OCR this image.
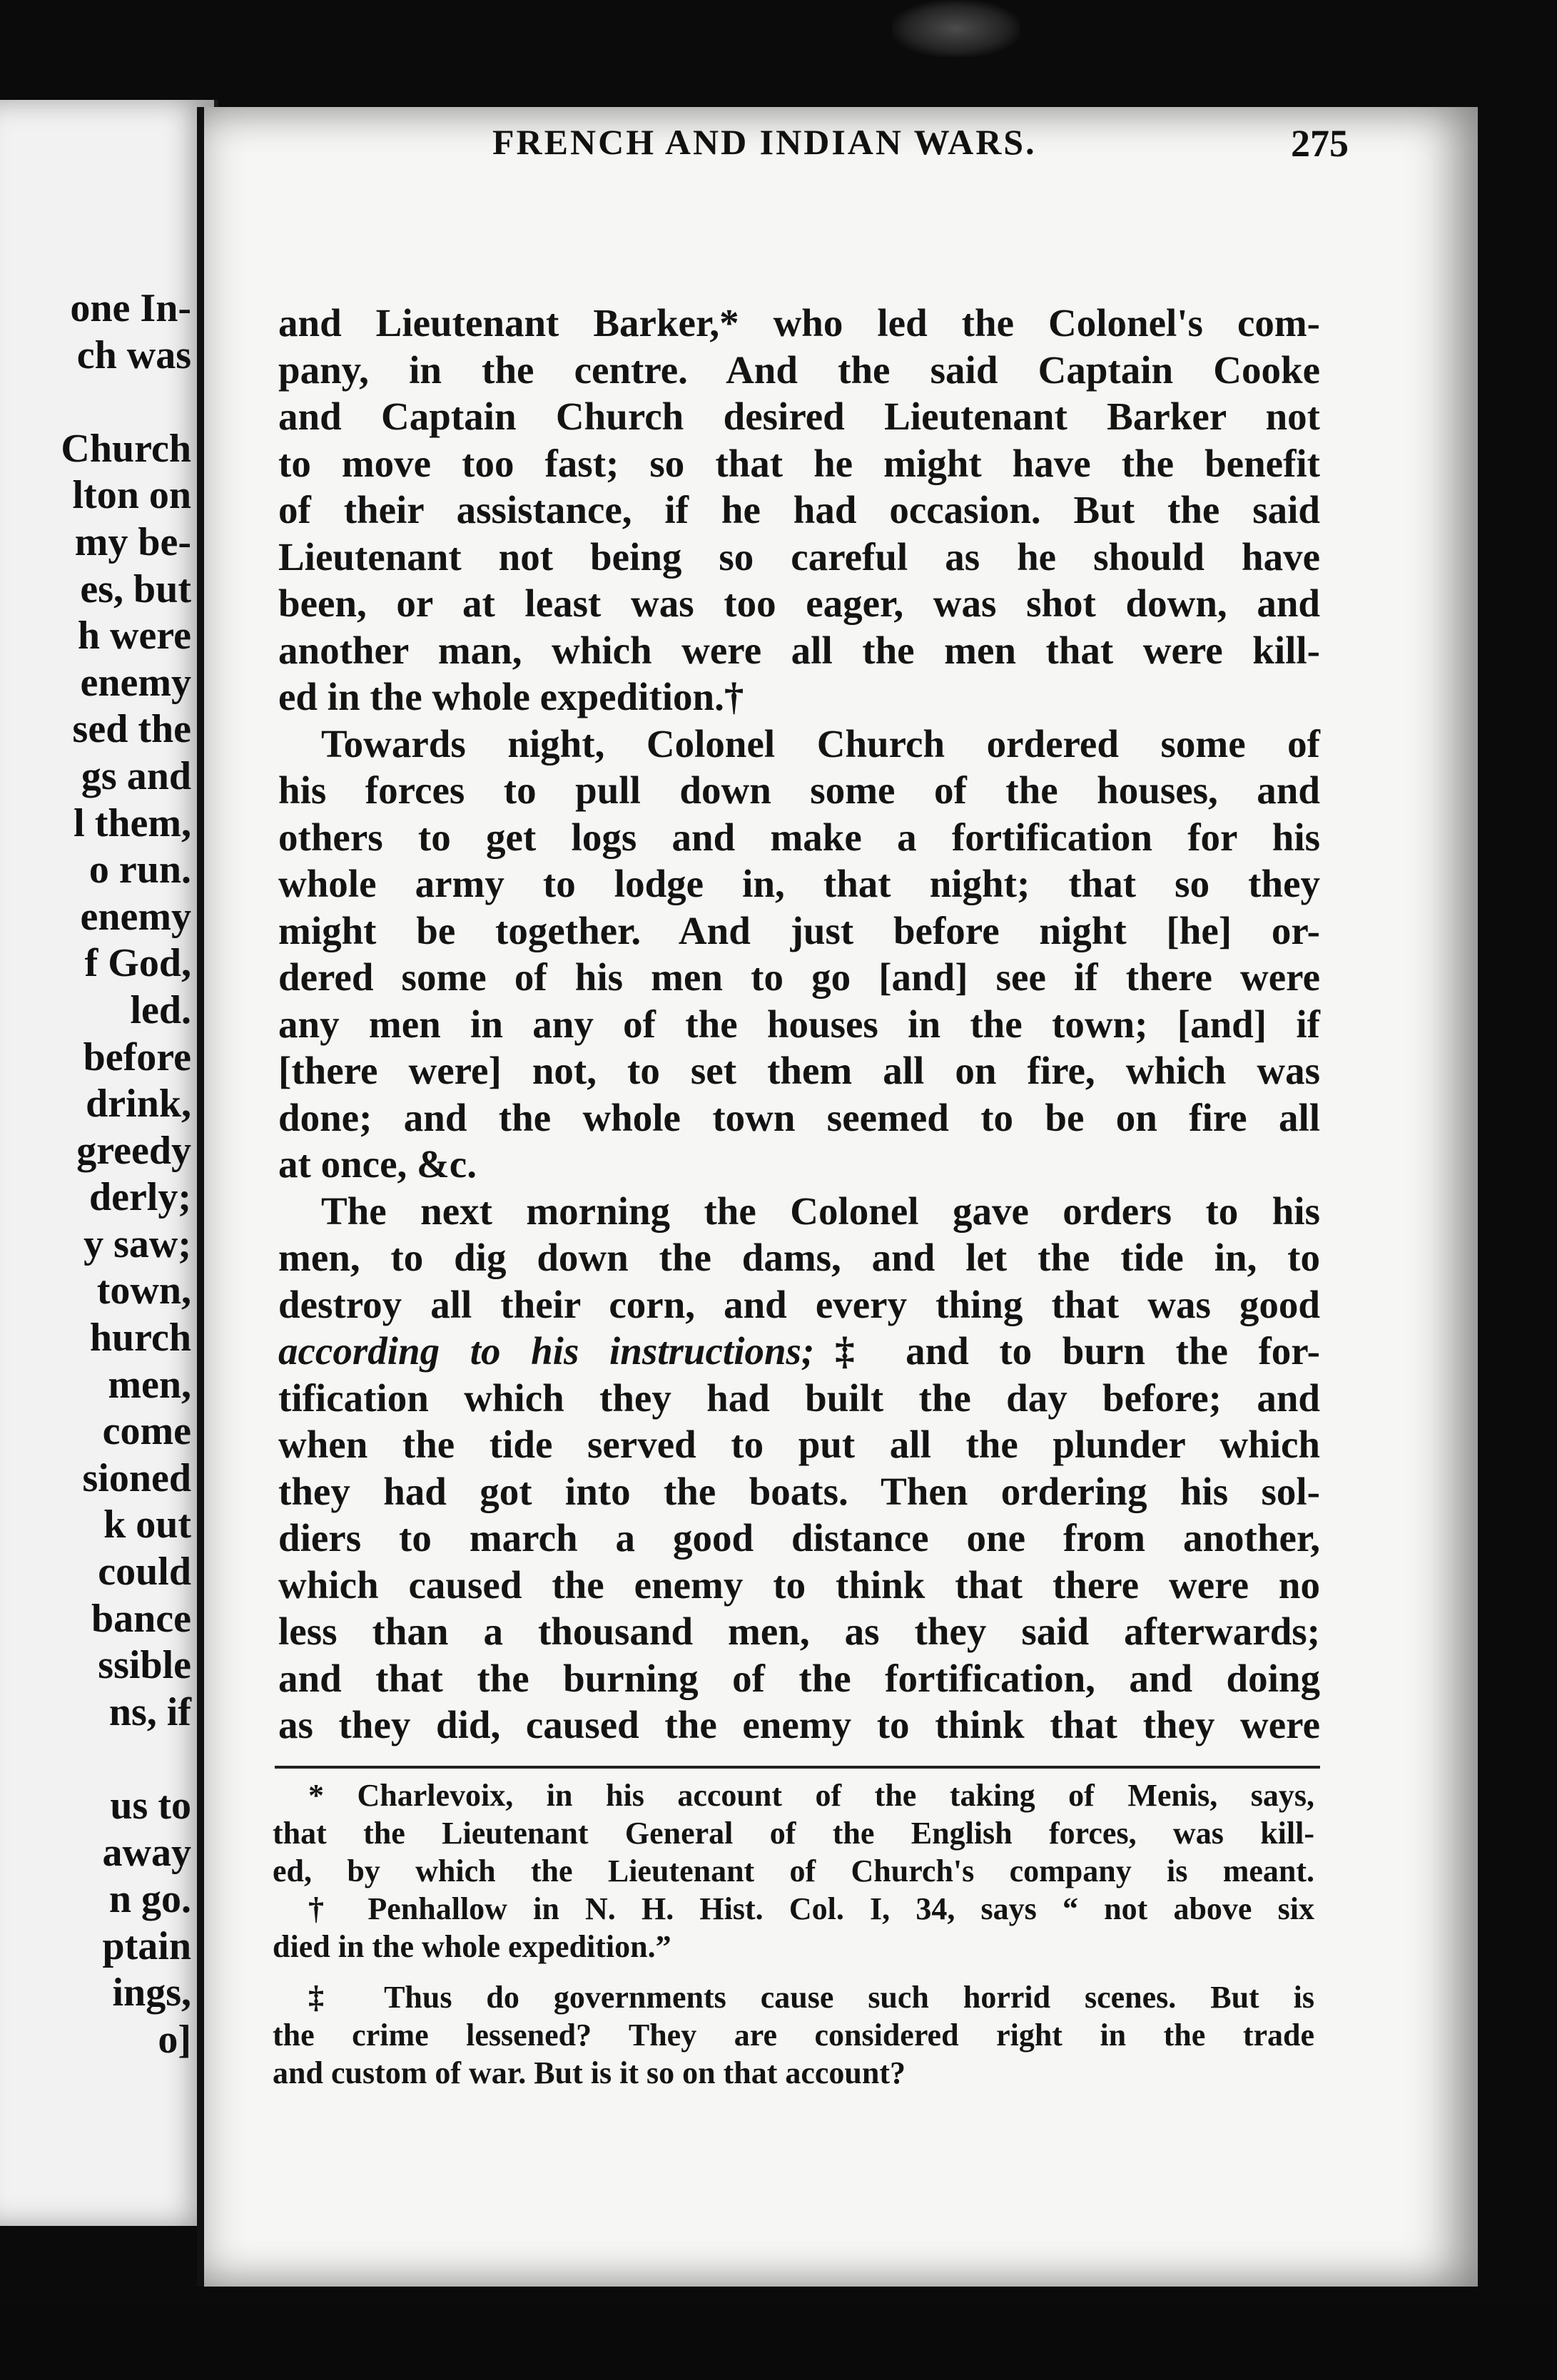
one In-
ch was

Church
lton on
my be-
es, but
h were
enemy
sed the
gs and
l them,
o run.
enemy
f God,
led.
before
drink,
greedy
derly;
y saw;
town,
hurch
men,
come
sioned
k out
could
bance
ssible
ns, if

us to
away
n go.
ptain
ings,
o]
FRENCH AND INDIAN WARS.	275
and Lieutenant Barker,* who led the Colonel's com-
pany, in the centre. And the said Captain Cooke
and Captain Church desired Lieutenant Barker not
to move too fast; so that he might have the benefit
of their assistance, if he had occasion. But the said
Lieutenant not being so careful as he should have
been, or at least was too eager, was shot down, and
another man, which were all the men that were kill-
ed in the whole expedition.†
Towards night, Colonel Church ordered some of
his forces to pull down some of the houses, and
others to get logs and make a fortification for his
whole army to lodge in, that night; that so they
might be together. And just before night [he] or-
dered some of his men to go [and] see if there were
any men in any of the houses in the town; [and] if
[there were] not, to set them all on fire, which was
done; and the whole town seemed to be on fire all
at once, &c.
The next morning the Colonel gave orders to his
men, to dig down the dams, and let the tide in, to
destroy all their corn, and every thing that was good
according to his instructions;‡ and to burn the for-
tification which they had built the day before; and
when the tide served to put all the plunder which
they had got into the boats. Then ordering his sol-
diers to march a good distance one from another,
which caused the enemy to think that there were no
less than a thousand men, as they said afterwards;
and that the burning of the fortification, and doing
as they did, caused the enemy to think that they were
* Charlevoix, in his account of the taking of Menis, says,
that the Lieutenant General of the English forces, was kill-
ed, by which the Lieutenant of Church's company is meant.
† Penhallow in N. H. Hist. Col. I, 34, says “ not above six
died in the whole expedition.”
‡ Thus do governments cause such horrid scenes. But is
the crime lessened? They are considered right in the trade
and custom of war. But is it so on that account?
